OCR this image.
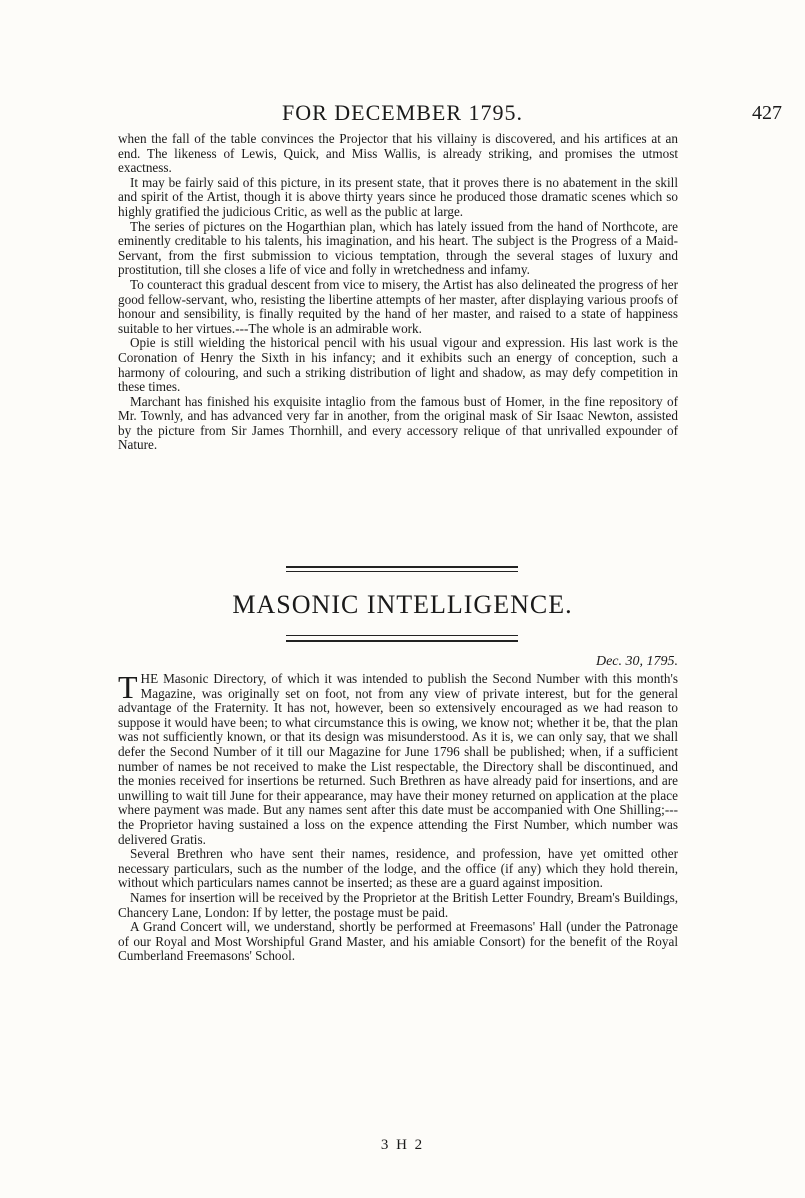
FOR DECEMBER 1795.	427

when the fall of the table convinces the Projector that his villainy is discovered, and his artifices at an end. The likeness of Lewis, Quick, and Miss Wallis, is already striking, and promises the utmost exactness.

It may be fairly said of this picture, in its present state, that it proves there is no abatement in the skill and spirit of the Artist, though it is above thirty years since he produced those dramatic scenes which so highly gratified the judicious Critic, as well as the public at large.

The series of pictures on the Hogarthian plan, which has lately issued from the hand of Northcote, are eminently creditable to his talents, his imagination, and his heart. The subject is the Progress of a Maid-Servant, from the first submission to vicious temptation, through the several stages of luxury and prostitution, till she closes a life of vice and folly in wretchedness and infamy.

To counteract this gradual descent from vice to misery, the Artist has also delineated the progress of her good fellow-servant, who, resisting the libertine attempts of her master, after displaying various proofs of honour and sensibility, is finally requited by the hand of her master, and raised to a state of happiness suitable to her virtues.---The whole is an admirable work.

Opie is still wielding the historical pencil with his usual vigour and expression. His last work is the Coronation of Henry the Sixth in his infancy; and it exhibits such an energy of conception, such a harmony of colouring, and such a striking distribution of light and shadow, as may defy competition in these times.

Marchant has finished his exquisite intaglio from the famous bust of Homer, in the fine repository of Mr. Townly, and has advanced very far in another, from the original mask of Sir Isaac Newton, assisted by the picture from Sir James Thornhill, and every accessory relique of that unrivalled expounder of Nature.

MASONIC INTELLIGENCE.
Dec. 30, 1795.

THE Masonic Directory, of which it was intended to publish the Second Number with this month's Magazine, was originally set on foot, not from any view of private interest, but for the general advantage of the Fraternity. It has not, however, been so extensively encouraged as we had reason to suppose it would have been; to what circumstance this is owing, we know not; whether it be, that the plan was not sufficiently known, or that its design was misunderstood. As it is, we can only say, that we shall defer the Second Number of it till our Magazine for June 1796 shall be published; when, if a sufficient number of names be not received to make the List respectable, the Directory shall be discontinued, and the monies received for insertions be returned. Such Brethren as have already paid for insertions, and are unwilling to wait till June for their appearance, may have their money returned on application at the place where payment was made. But any names sent after this date must be accompanied with One Shilling;---the Proprietor having sustained a loss on the expence attending the First Number, which number was delivered Gratis.

Several Brethren who have sent their names, residence, and profession, have yet omitted other necessary particulars, such as the number of the lodge, and the office (if any) which they hold therein, without which particulars names cannot be inserted; as these are a guard against imposition.

Names for insertion will be received by the Proprietor at the British Letter Foundry, Bream's Buildings, Chancery Lane, London: If by letter, the postage must be paid.

A Grand Concert will, we understand, shortly be performed at Freemasons' Hall (under the Patronage of our Royal and Most Worshipful Grand Master, and his amiable Consort) for the benefit of the Royal Cumberland Freemasons' School.

3 H 2
